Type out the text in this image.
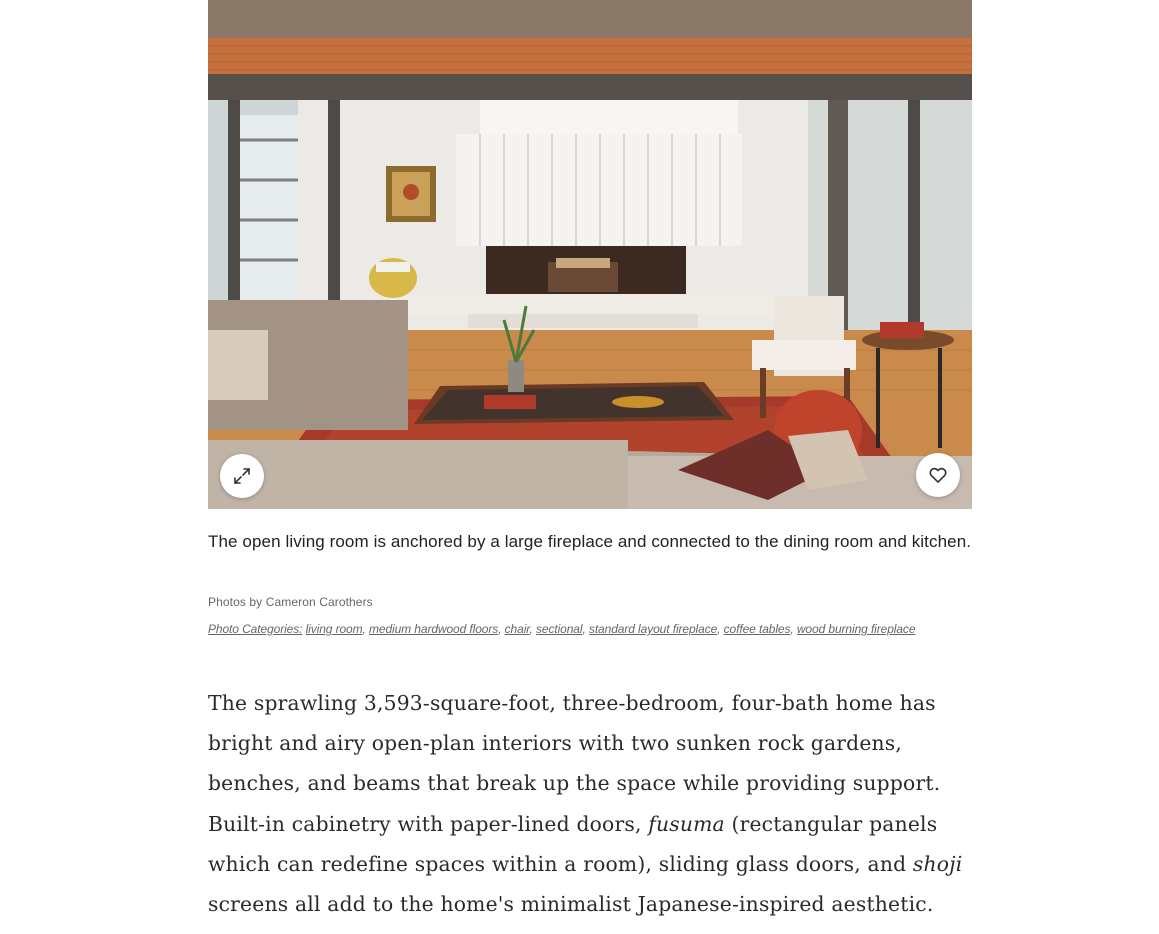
The open living room is anchored by a large fireplace and connected to the dining room and kitchen.
Photos by Cameron Carothers
Photo Categories: living room, medium hardwood floors, chair, sectional, standard layout fireplace, coffee tables, wood burning fireplace

The sprawling 3,593-square-foot, three-bedroom, four-bath home has bright and airy open-plan interiors with two sunken rock gardens, benches, and beams that break up the space while providing support. Built-in cabinetry with paper-lined doors, fusuma (rectangular panels which can redefine spaces within a room), sliding glass doors, and shoji screens all add to the home's minimalist Japanese-inspired aesthetic.
